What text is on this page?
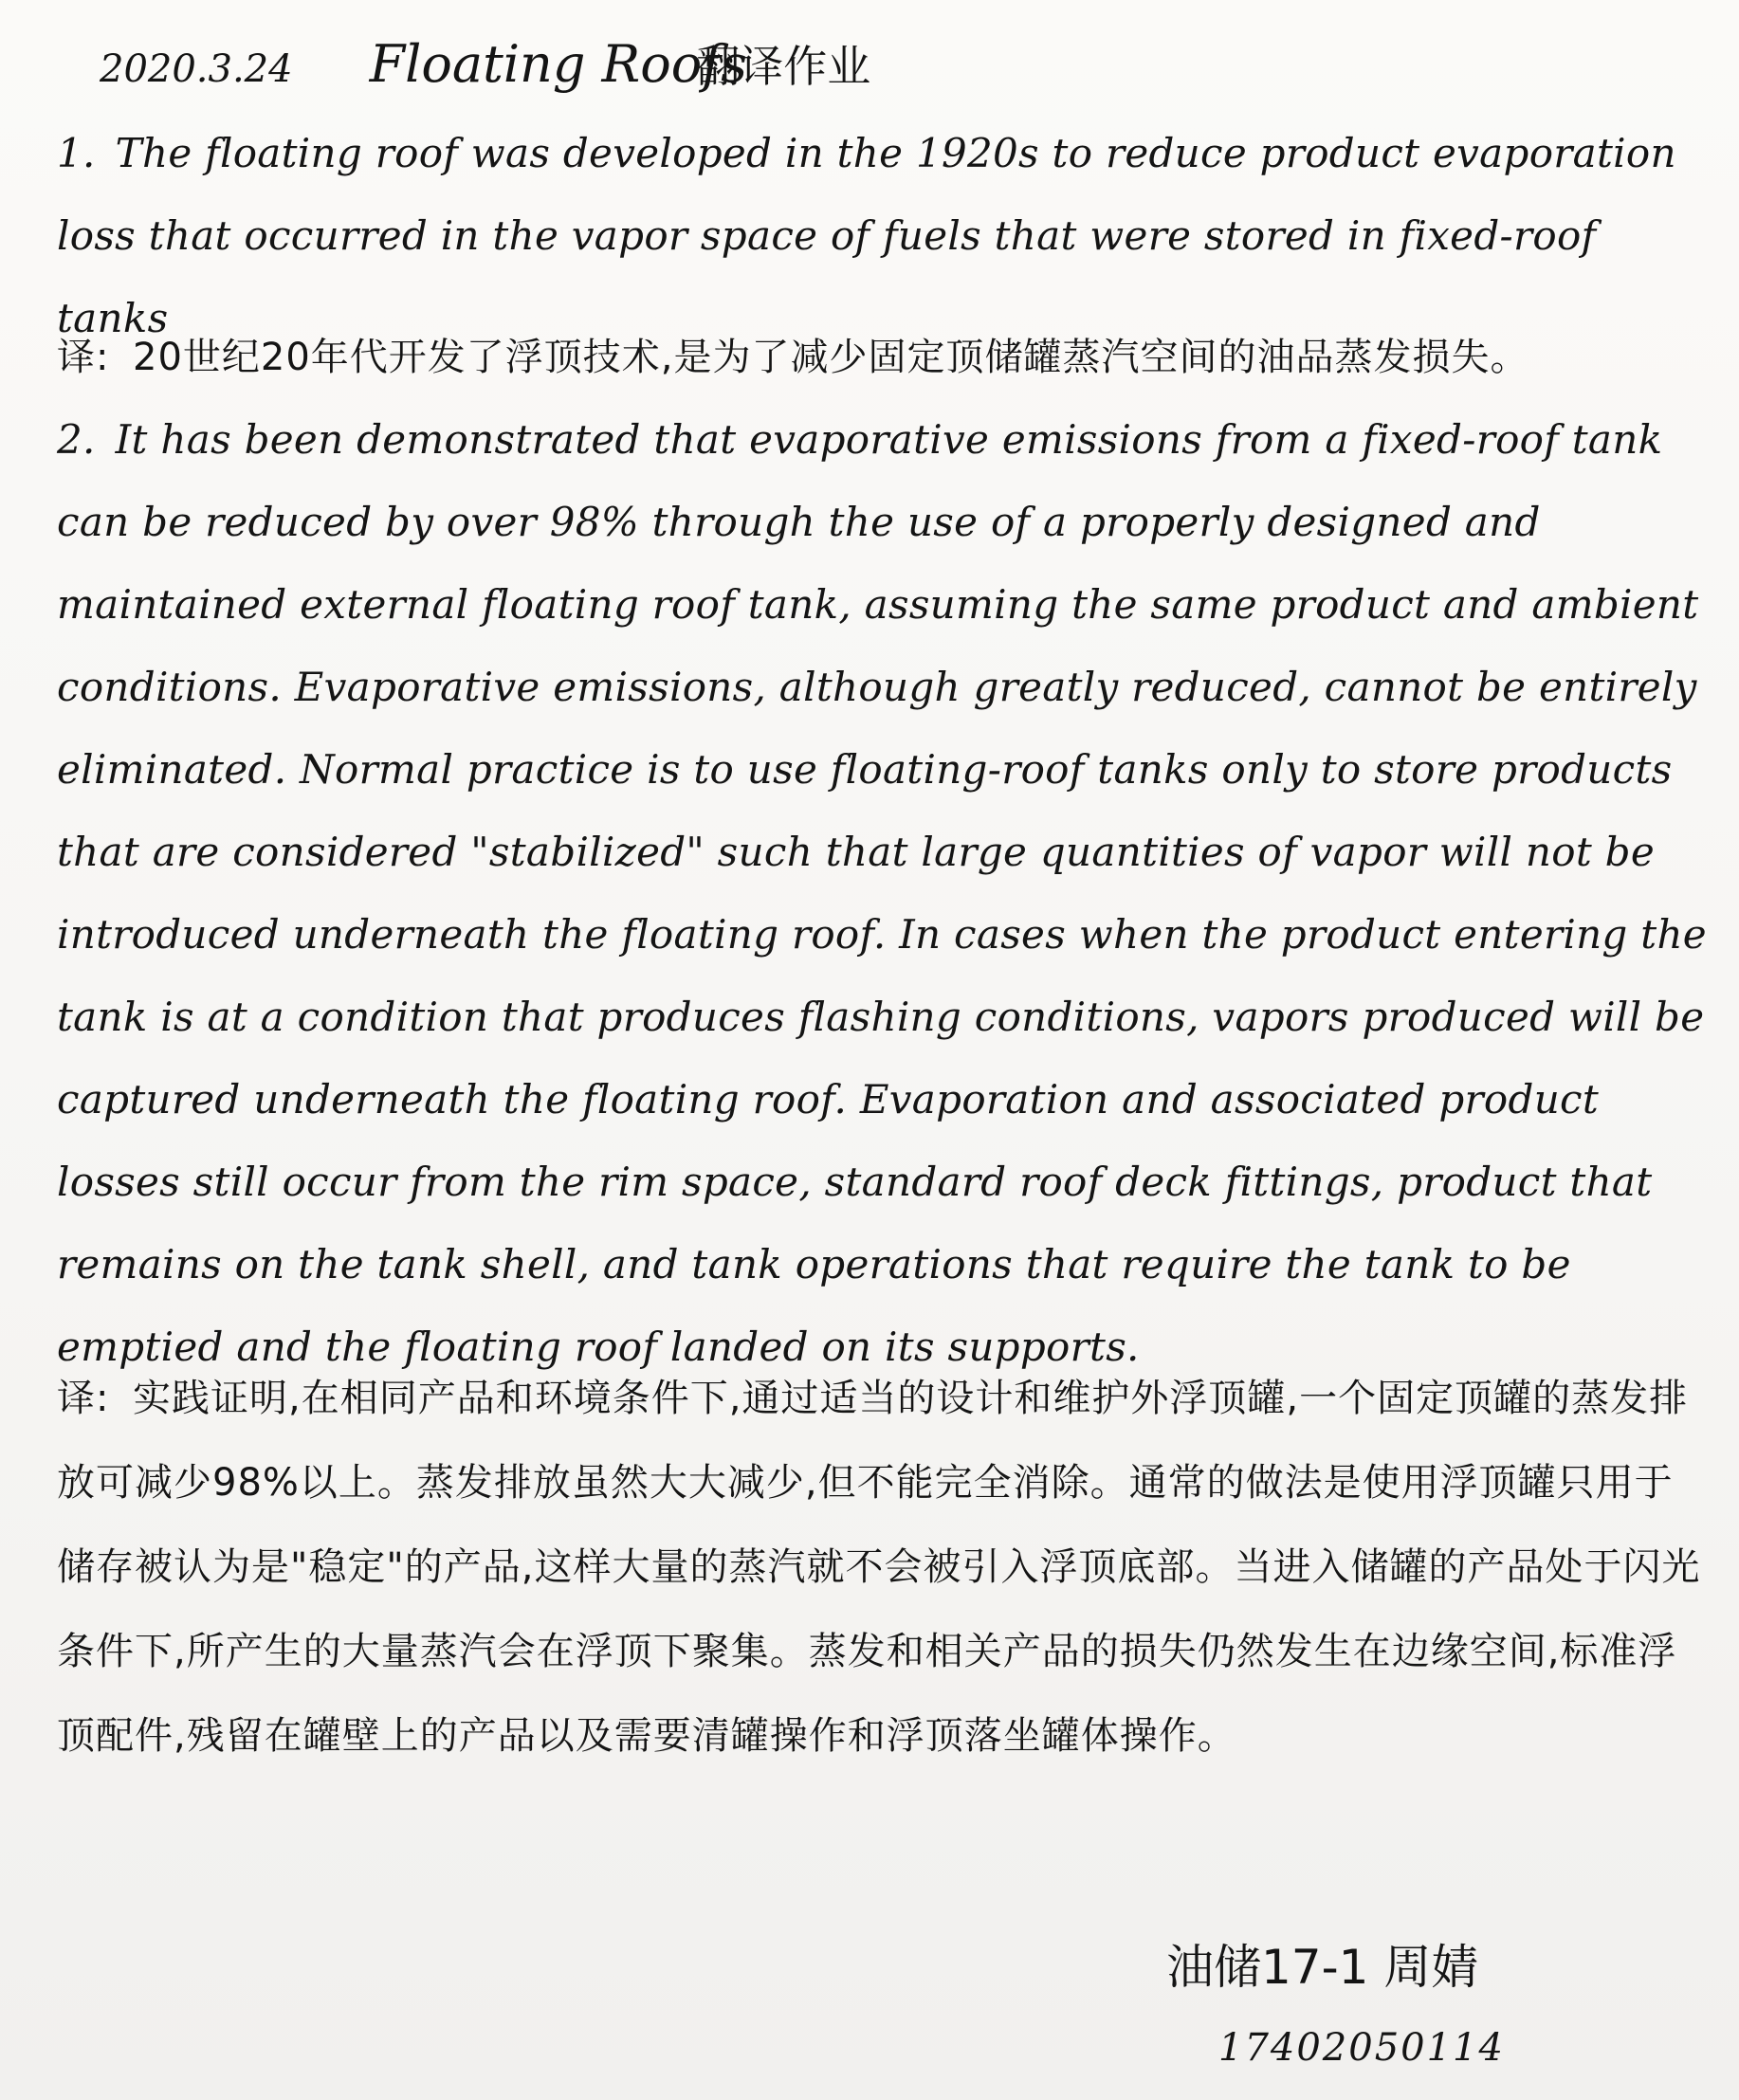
2020.3.24 Floating Roofs 翻译作业
1. The floating roof was developed in the 1920s to reduce product evaporation loss that occurred in the vapor space of fuels that were stored in fixed-roof tanks
译: 20世纪20年代开发了浮顶技术,是为了减少固定顶储罐蒸汽空间的油品蒸发损失。
2. It has been demonstrated that evaporative emissions from a fixed-roof tank can be reduced by over 98% through the use of a properly designed and maintained external floating roof tank, assuming the same product and ambient conditions. Evaporative emissions, although greatly reduced, cannot be entirely eliminated. Normal practice is to use floating-roof tanks only to store products that are considered "stabilized" such that large quantities of vapor will not be introduced underneath the floating roof. In cases when the product entering the tank is at a condition that produces flashing conditions, vapors produced will be captured underneath the floating roof. Evaporation and associated product losses still occur from the rim space, standard roof deck fittings, product that remains on the tank shell, and tank operations that require the tank to be emptied and the floating roof landed on its supports.
译: 实践证明,在相同产品和环境条件下,通过适当的设计和维护外浮顶罐,一个固定顶罐的蒸发排放可减少98%以上。蒸发排放虽然大大减少,但不能完全消除。通常的做法是使用浮顶罐只用于储存被认为是"稳定"的产品,这样大量的蒸汽就不会被引入浮顶底部。当进入储罐的产品处于闪光条件下,所产生的大量蒸汽会在浮顶下聚集。蒸发和相关产品的损失仍然发生在边缘空间,标准浮顶配件,残留在罐壁上的产品以及需要清罐操作和浮顶落坐罐体操作。
油储17-1 周婧
1740205011​4
